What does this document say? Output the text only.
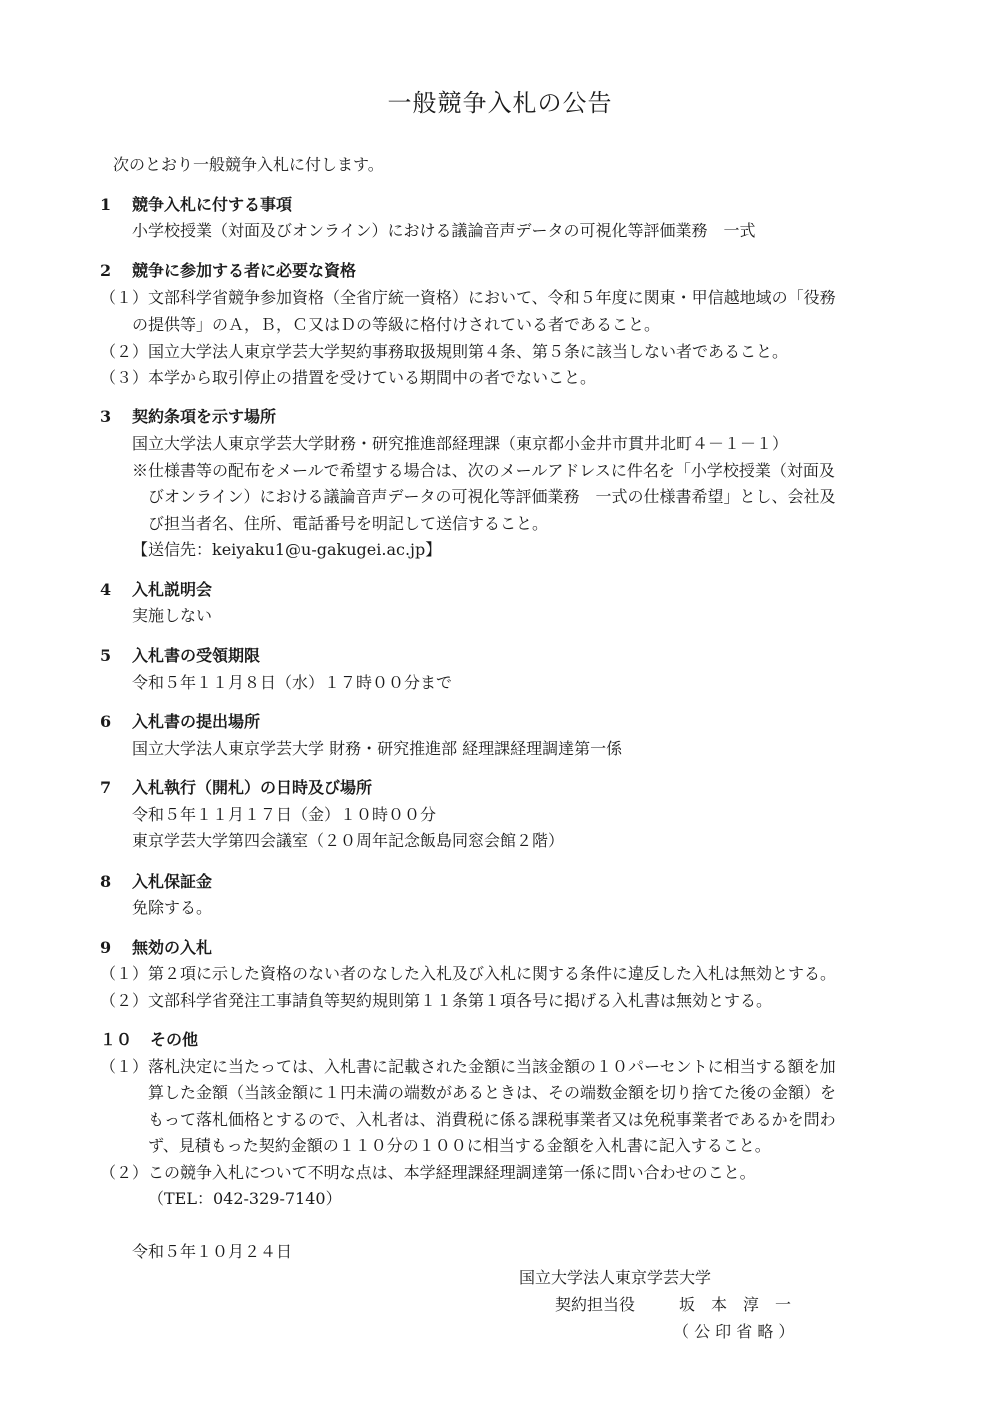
一般競争入札の公告
次のとおり一般競争入札に付します。
1 競争入札に付する事項
小学校授業（対面及びオンライン）における議論音声データの可視化等評価業務　一式
2 競争に参加する者に必要な資格
（１）文部科学省競争参加資格（全省庁統一資格）において、令和５年度に関東・甲信越地域の「役務
の提供等」のＡ，Ｂ，Ｃ又はＤの等級に格付けされている者であること。
（２）国立大学法人東京学芸大学契約事務取扱規則第４条、第５条に該当しない者であること。
（３）本学から取引停止の措置を受けている期間中の者でないこと。
3 契約条項を示す場所
国立大学法人東京学芸大学財務・研究推進部経理課（東京都小金井市貫井北町４－１－１）
※仕様書等の配布をメールで希望する場合は、次のメールアドレスに件名を「小学校授業（対面及
びオンライン）における議論音声データの可視化等評価業務　一式の仕様書希望」とし、会社及
び担当者名、住所、電話番号を明記して送信すること。
【送信先：keiyaku1@u-gakugei.ac.jp】
4 入札説明会
実施しない
5 入札書の受領期限
令和５年１１月８日（水）１７時００分まで
6 入札書の提出場所
国立大学法人東京学芸大学 財務・研究推進部 経理課経理調達第一係
7 入札執行（開札）の日時及び場所
令和５年１１月１７日（金）１０時００分
東京学芸大学第四会議室（２０周年記念飯島同窓会館２階）
8 入札保証金
免除する。
9 無効の入札
（１）第２項に示した資格のない者のなした入札及び入札に関する条件に違反した入札は無効とする。
（２）文部科学省発注工事請負等契約規則第１１条第１項各号に掲げる入札書は無効とする。
１０ その他
（１） 落札決定に当たっては、入札書に記載された金額に当該金額の１０パーセントに相当する額を加
算した金額（当該金額に１円未満の端数があるときは、その端数金額を切り捨てた後の金額）を
もって落札価格とするので、入札者は、消費税に係る課税事業者又は免税事業者であるかを問わ
ず、見積もった契約金額の１１０分の１００に相当する金額を入札書に記入すること。
（２） この競争入札について不明な点は、本学経理課経理調達第一係に問い合わせのこと。
（TEL：042-329-7140）
令和５年１０月２４日
国立大学法人東京学芸大学
契約担当役	坂　本　淳　一
（ 公 印 省 略 ）
